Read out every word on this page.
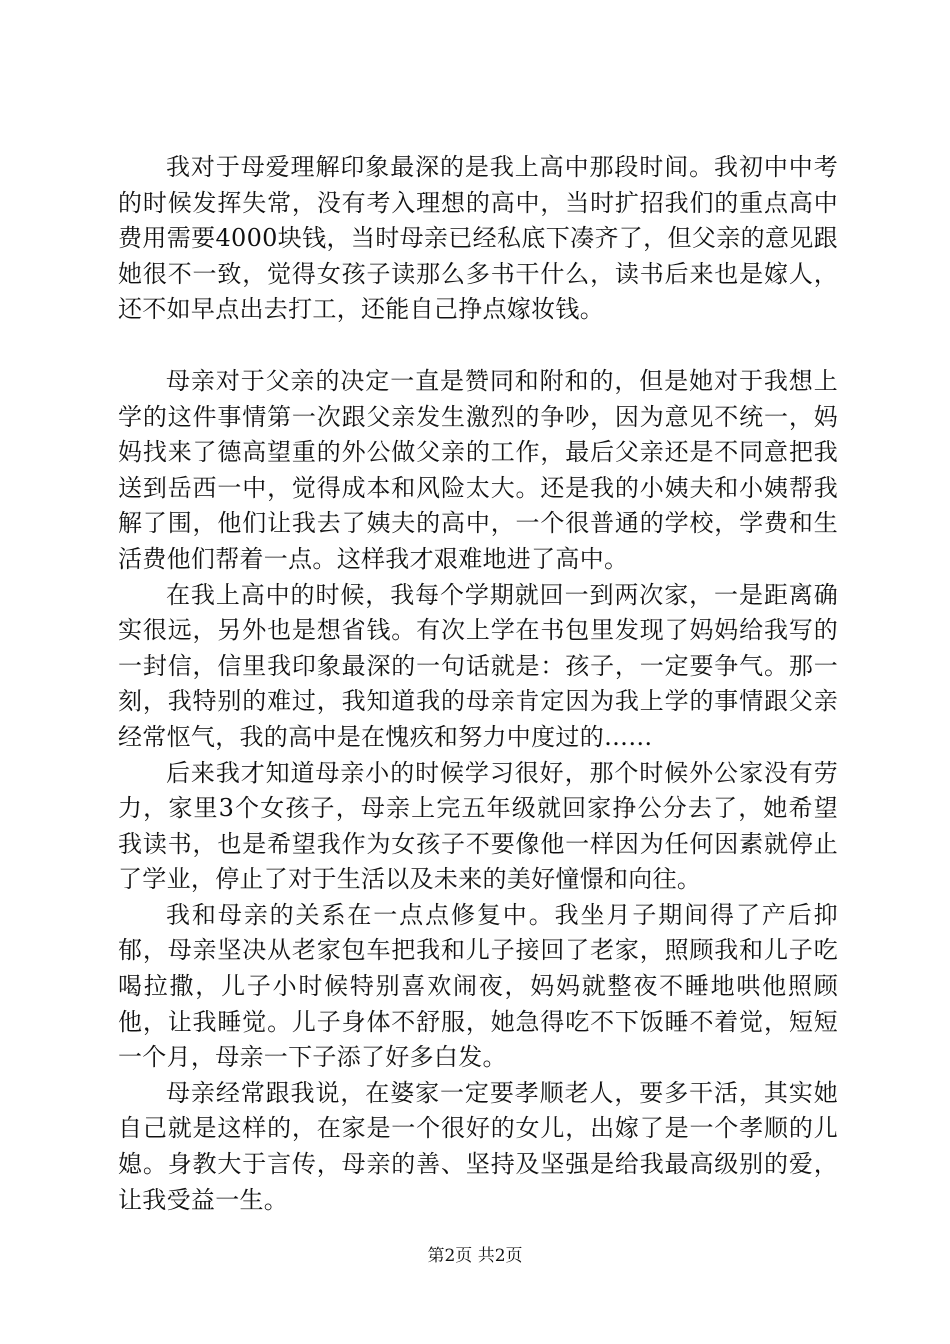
我对于母爱理解印象最深的是我上高中那段时间。我初中中考的时候发挥失常，没有考入理想的高中，当时扩招我们的重点高中费用需要4000块钱，当时母亲已经私底下凑齐了，但父亲的意见跟她很不一致，觉得女孩子读那么多书干什么，读书后来也是嫁人，还不如早点出去打工，还能自己挣点嫁妆钱。

母亲对于父亲的决定一直是赞同和附和的，但是她对于我想上学的这件事情第一次跟父亲发生激烈的争吵，因为意见不统一，妈妈找来了德高望重的外公做父亲的工作，最后父亲还是不同意把我送到岳西一中，觉得成本和风险太大。还是我的小姨夫和小姨帮我解了围，他们让我去了姨夫的高中，一个很普通的学校，学费和生活费他们帮着一点。这样我才艰难地进了高中。

在我上高中的时候，我每个学期就回一到两次家，一是距离确实很远，另外也是想省钱。有次上学在书包里发现了妈妈给我写的一封信，信里我印象最深的一句话就是：孩子，一定要争气。那一刻，我特别的难过，我知道我的母亲肯定因为我上学的事情跟父亲经常怄气，我的高中是在愧疚和努力中度过的……

后来我才知道母亲小的时候学习很好，那个时候外公家没有劳力，家里3个女孩子，母亲上完五年级就回家挣公分去了，她希望我读书，也是希望我作为女孩子不要像他一样因为任何因素就停止了学业，停止了对于生活以及未来的美好憧憬和向往。

我和母亲的关系在一点点修复中。我坐月子期间得了产后抑郁，母亲坚决从老家包车把我和儿子接回了老家，照顾我和儿子吃喝拉撒，儿子小时候特别喜欢闹夜，妈妈就整夜不睡地哄他照顾他，让我睡觉。儿子身体不舒服，她急得吃不下饭睡不着觉，短短一个月，母亲一下子添了好多白发。

母亲经常跟我说，在婆家一定要孝顺老人，要多干活，其实她自己就是这样的，在家是一个很好的女儿，出嫁了是一个孝顺的儿媳。身教大于言传，母亲的善、坚持及坚强是给我最高级别的爱，让我受益一生。

第2页 共2页
